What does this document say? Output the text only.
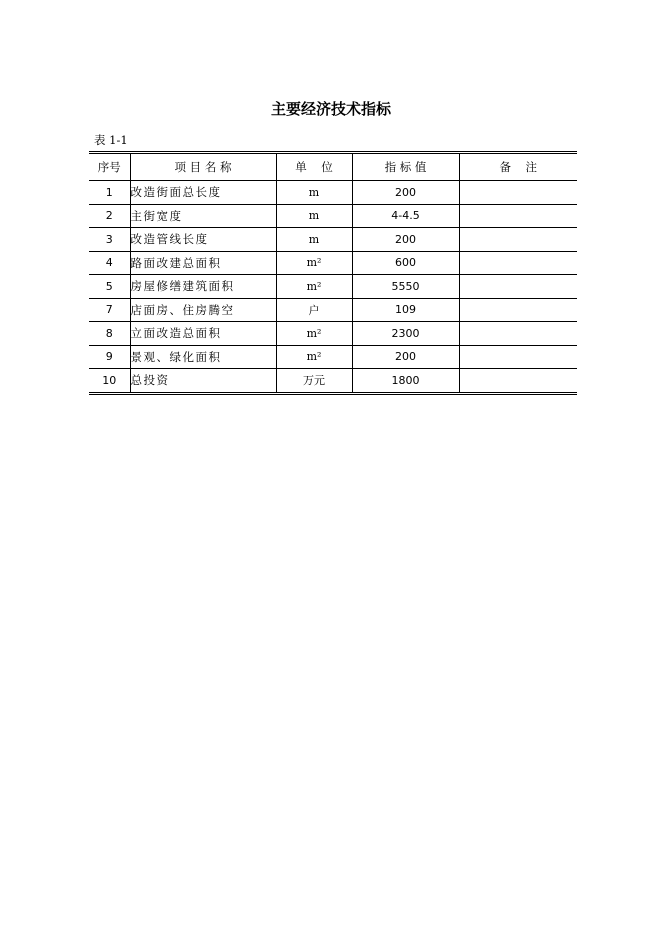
主要经济技术指标

表 1-1

序号	项 目 名 称	单    位	指 标 值	备    注
1	改造街面总长度	m	200	
2	主街宽度	m	4-4.5	
3	改造管线长度	m	200	
4	路面改建总面积	m²	600	
5	房屋修缮建筑面积	m²	5550	
7	店面房、住房腾空	户	109	
8	立面改造总面积	m²	2300	
9	景观、绿化面积	m²	200	
10	总投资	万元	1800	
